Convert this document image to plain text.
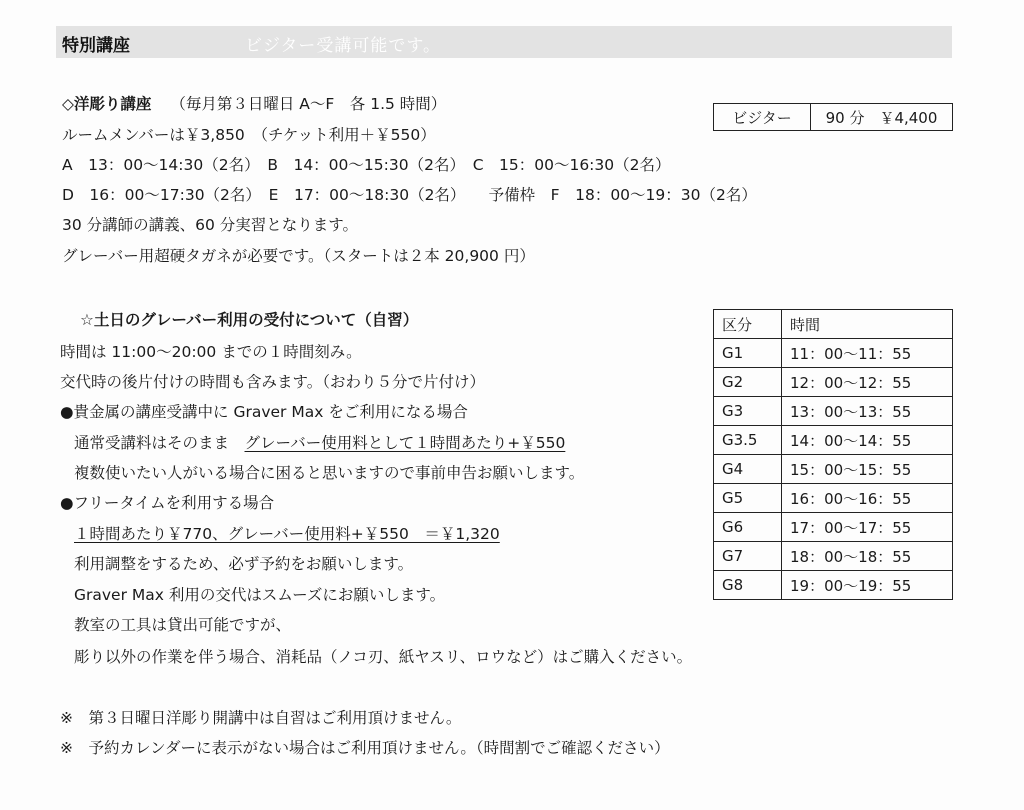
特別講座	ビジター受講可能です。
◇洋彫り講座 （毎月第３日曜日 A～F　各 1.5 時間）
ルームメンバーは￥3,850　（チケット利用＋￥550）
A　13：00～14:30（2名）　B　14：00～15:30（2名）　C　15：00～16:30（2名）
D　16：00～17:30（2名）　E　17：00～18:30（2名）　　予備枠　F　18：00～19：30（2名）
30 分講師の講義、60 分実習となります。
グレーバー用超硬タガネが必要です。（スタートは２本 20,900 円）
ビジター	90 分　￥4,400
☆土日のグレーバー利用の受付について（自習）
時間は 11:00～20:00 までの１時間刻み。
交代時の後片付けの時間も含みます。（おわり５分で片付け）
●貴金属の講座受講中に Graver Max をご利用になる場合
通常受講料はそのまま　グレーバー使用料として１時間あたり+￥550
複数使いたい人がいる場合に困ると思いますので事前申告お願いします。
●フリータイムを利用する場合
１時間あたり￥770、グレーバー使用料+￥550　＝￥1,320
利用調整をするため、必ず予約をお願いします。
Graver Max 利用の交代はスムーズにお願いします。
教室の工具は貸出可能ですが、
彫り以外の作業を伴う場合、消耗品（ノコ刃、紙ヤスリ、ロウなど）はご購入ください。
※　第３日曜日洋彫り開講中は自習はご利用頂けません。
※　予約カレンダーに表示がない場合はご利用頂けません。（時間割でご確認ください）
区分	時間
G1	11：00～11：55
G2	12：00～12：55
G3	13：00～13：55
G3.5	14：00～14：55
G4	15：00～15：55
G5	16：00～16：55
G6	17：00～17：55
G7	18：00～18：55
G8	19：00～19：55
